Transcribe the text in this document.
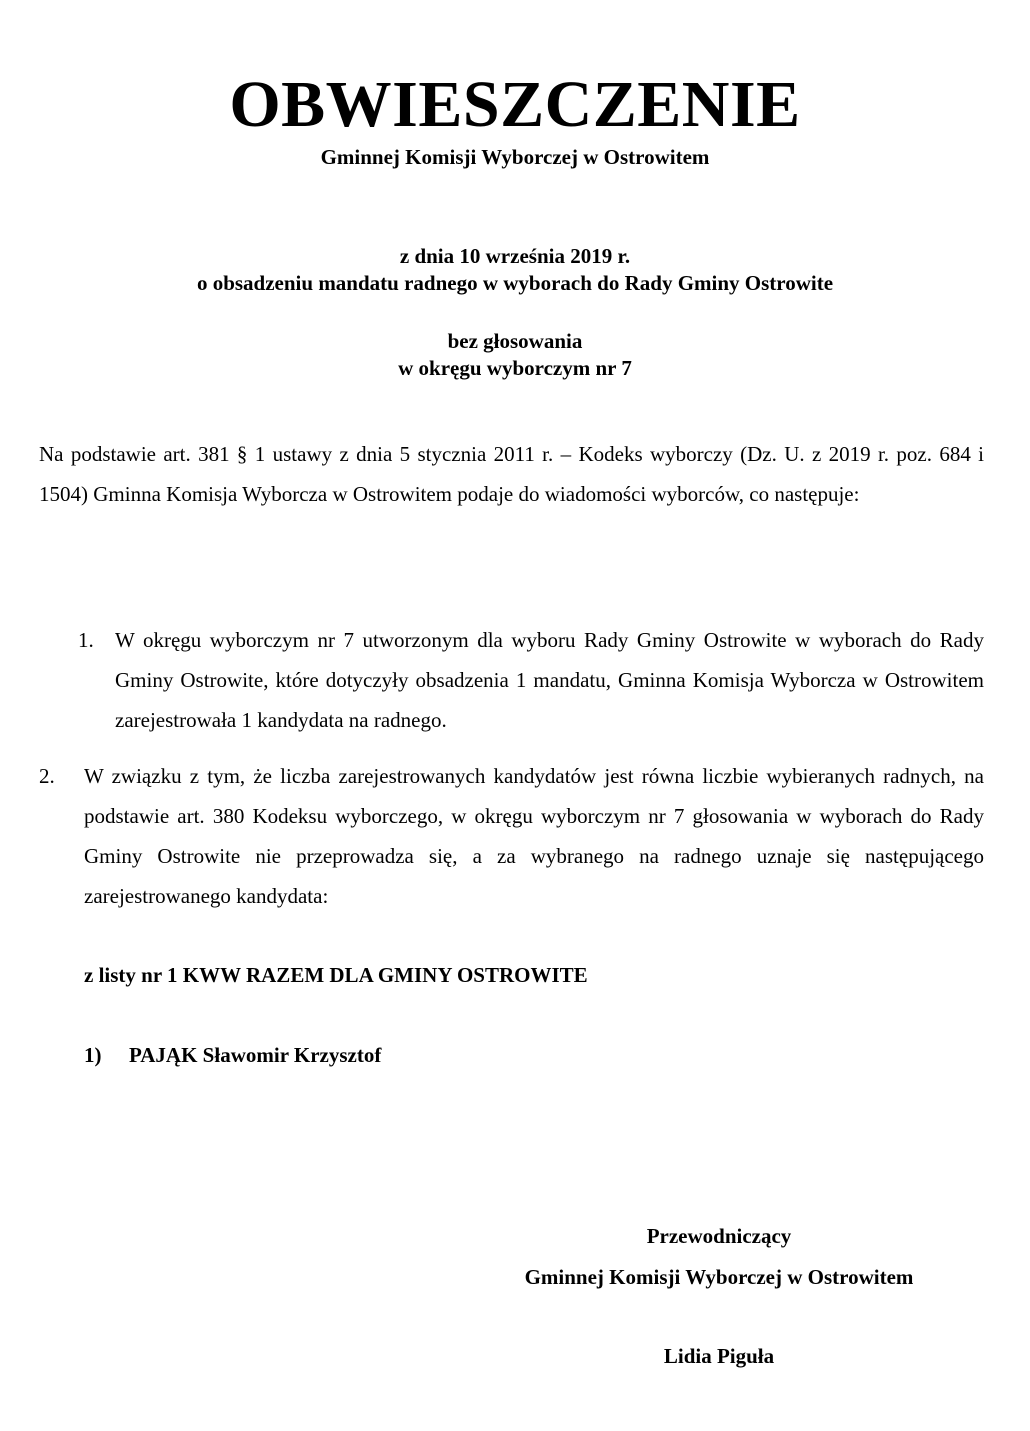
OBWIESZCZENIE
Gminnej Komisji Wyborczej w Ostrowitem
z dnia 10 września 2019 r.
o obsadzeniu mandatu radnego w wyborach do Rady Gminy Ostrowite
bez głosowania
w okręgu wyborczym nr 7
Na podstawie art. 381 § 1 ustawy z dnia 5 stycznia 2011 r. – Kodeks wyborczy (Dz. U. z 2019 r. poz. 684 i 1504) Gminna Komisja Wyborcza w Ostrowitem podaje do wiadomości wyborców, co następuje:
1. W okręgu wyborczym nr 7 utworzonym dla wyboru Rady Gminy Ostrowite w wyborach do Rady Gminy Ostrowite, które dotyczyły obsadzenia 1 mandatu, Gminna Komisja Wyborcza w Ostrowitem zarejestrowała 1 kandydata na radnego.
2. W związku z tym, że liczba zarejestrowanych kandydatów jest równa liczbie wybieranych radnych, na podstawie art. 380 Kodeksu wyborczego, w okręgu wyborczym nr 7 głosowania w wyborach do Rady Gminy Ostrowite nie przeprowadza się, a za wybranego na radnego uznaje się następującego zarejestrowanego kandydata:
z listy nr 1 KWW RAZEM DLA GMINY OSTROWITE
1) PAJĄK Sławomir Krzysztof
Przewodniczący
Gminnej Komisji Wyborczej w Ostrowitem
Lidia Piguła
